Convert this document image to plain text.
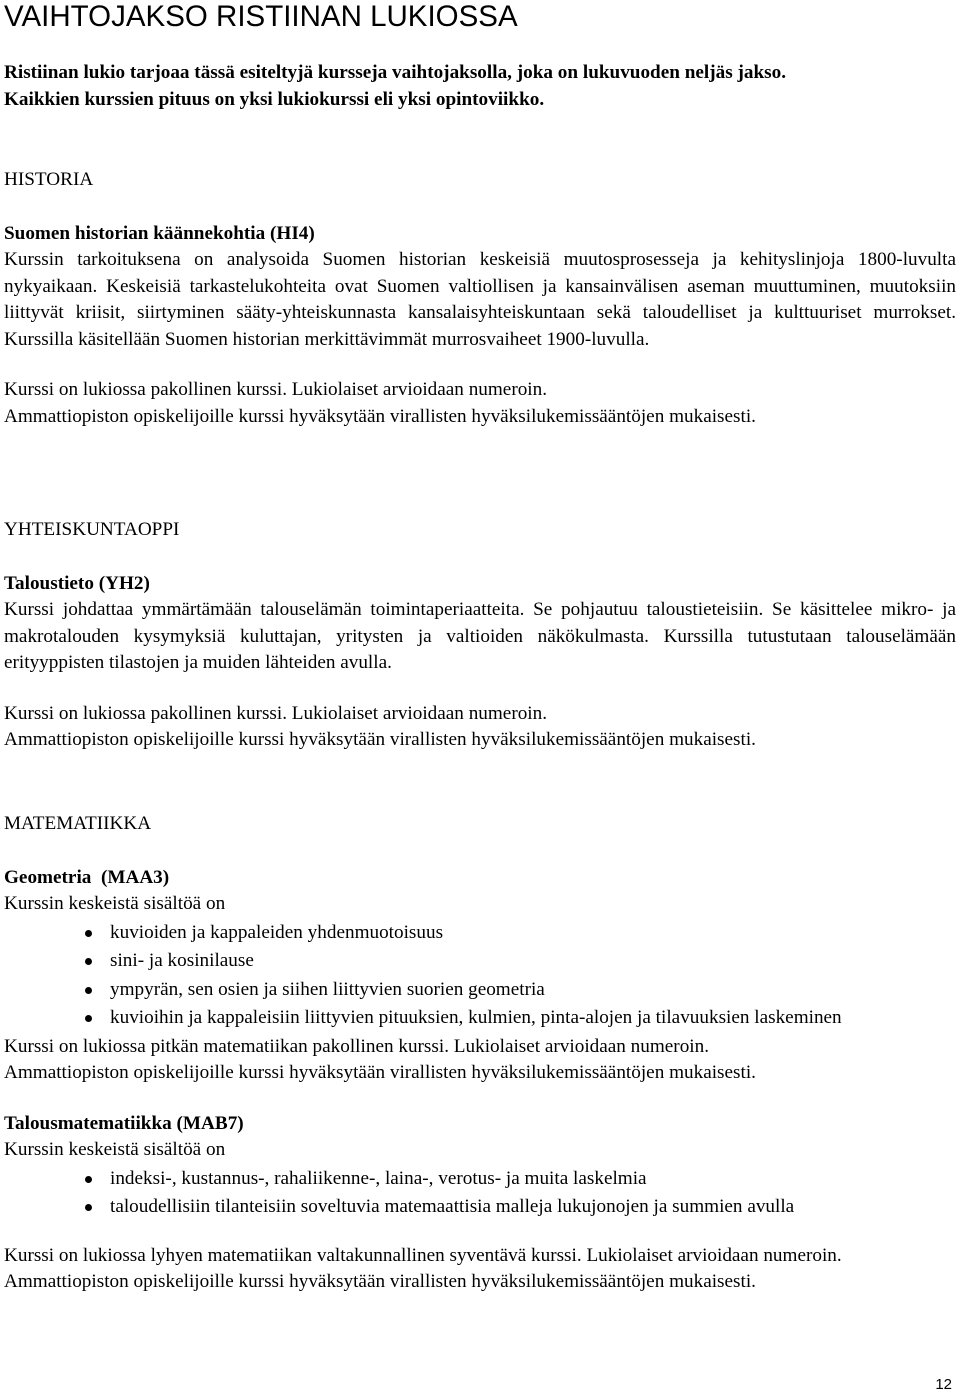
VAIHTOJAKSO RISTIINAN LUKIOSSA

Ristiinan lukio tarjoaa tässä esiteltyjä kursseja vaihtojaksolla, joka on lukuvuoden neljäs jakso.

Kaikkien kurssien pituus on yksi lukiokurssi eli yksi opintoviikko.

HISTORIA
Suomen historian käännekohtia (HI4)

Kurssin tarkoituksena on analysoida Suomen historian keskeisiä muutosprosesseja ja kehityslinjoja 1800-luvulta nykyaikaan. Keskeisiä tarkastelukohteita ovat Suomen valtiollisen ja kansainvälisen aseman muuttuminen, muutoksiin liittyvät kriisit, siirtyminen sääty-yhteiskunnasta kansalaisyhteiskuntaan sekä taloudelliset ja kulttuuriset murrokset. Kurssilla käsitellään Suomen historian merkittävimmät murrosvaiheet 1900-luvulla.

Kurssi on lukiossa pakollinen kurssi. Lukiolaiset arvioidaan numeroin.

Ammattiopiston opiskelijoille kurssi hyväksytään virallisten hyväksilukemissääntöjen mukaisesti.

YHTEISKUNTAOPPI
Taloustieto (YH2)

Kurssi johdattaa ymmärtämään talouselämän toimintaperiaatteita. Se pohjautuu taloustieteisiin. Se käsittelee mikro- ja makrotalouden kysymyksiä kuluttajan, yritysten ja valtioiden näkökulmasta. Kurssilla tutustutaan talouselämään erityyppisten tilastojen ja muiden lähteiden avulla.

Kurssi on lukiossa pakollinen kurssi. Lukiolaiset arvioidaan numeroin.

Ammattiopiston opiskelijoille kurssi hyväksytään virallisten hyväksilukemissääntöjen mukaisesti.

MATEMATIIKKA
Geometria  (MAA3)

Kurssin keskeistä sisältöä on

kuvioiden ja kappaleiden yhdenmuotoisuus
sini- ja kosinilause
ympyrän, sen osien ja siihen liittyvien suorien geometria
kuvioihin ja kappaleisiin liittyvien pituuksien, kulmien, pinta-alojen ja tilavuuksien laskeminen

Kurssi on lukiossa pitkän matematiikan pakollinen kurssi. Lukiolaiset arvioidaan numeroin.

Ammattiopiston opiskelijoille kurssi hyväksytään virallisten hyväksilukemissääntöjen mukaisesti.

Talousmatematiikka (MAB7)

Kurssin keskeistä sisältöä on

indeksi-, kustannus-, rahaliikenne-, laina-, verotus- ja muita laskelmia
taloudellisiin tilanteisiin soveltuvia matemaattisia malleja lukujonojen ja summien avulla

Kurssi on lukiossa lyhyen matematiikan valtakunnallinen syventävä kurssi. Lukiolaiset arvioidaan numeroin.

Ammattiopiston opiskelijoille kurssi hyväksytään virallisten hyväksilukemissääntöjen mukaisesti.

12
